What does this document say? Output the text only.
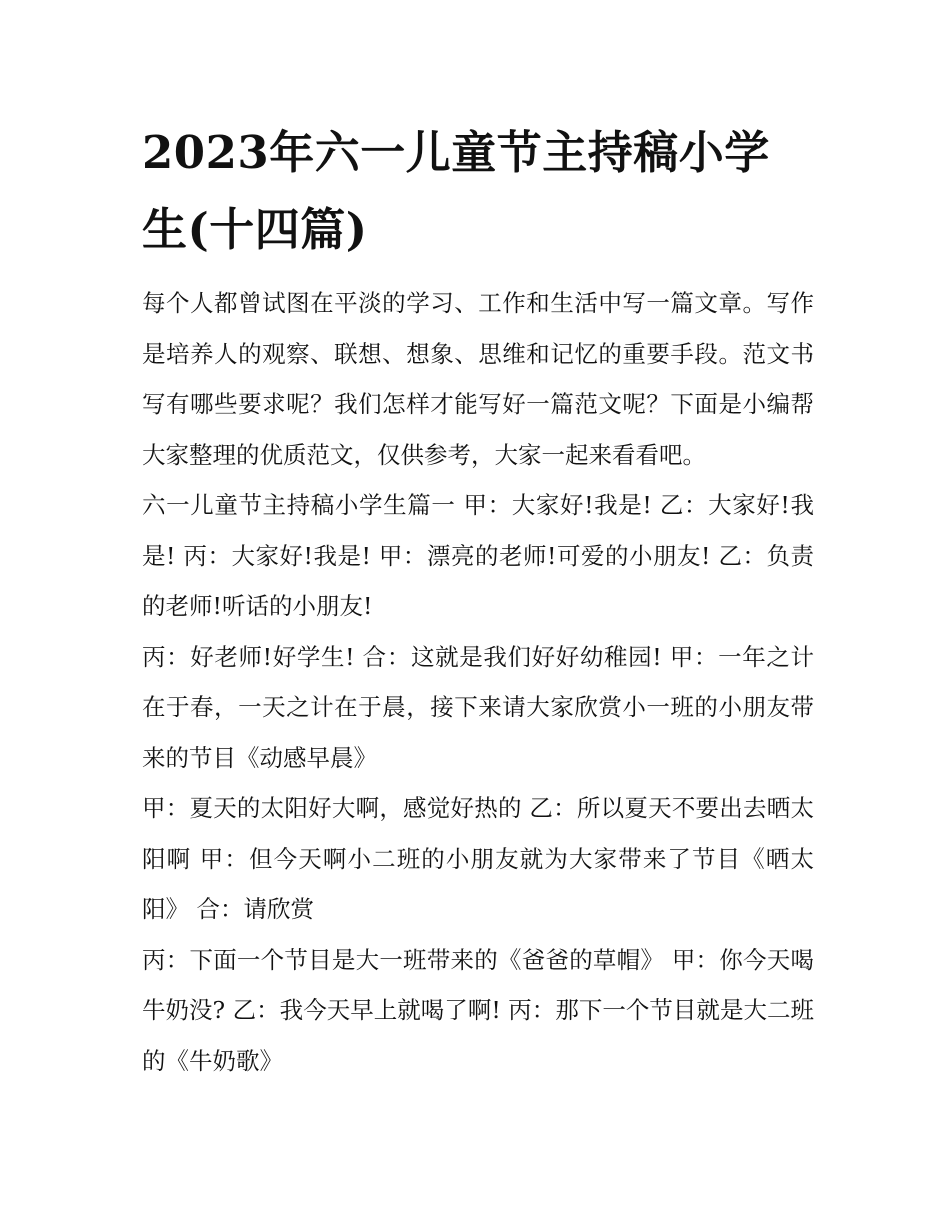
2023年六一儿童节主持稿小学生(十四篇)

每个人都曾试图在平淡的学习、工作和生活中写一篇文章。写作是培养人的观察、联想、想象、思维和记忆的重要手段。范文书写有哪些要求呢？我们怎样才能写好一篇范文呢？下面是小编帮大家整理的优质范文，仅供参考，大家一起来看看吧。

六一儿童节主持稿小学生篇一 甲：大家好!我是! 乙：大家好!我是! 丙：大家好!我是! 甲：漂亮的老师!可爱的小朋友! 乙：负责的老师!听话的小朋友!

丙：好老师!好学生! 合：这就是我们好好幼稚园! 甲：一年之计在于春，一天之计在于晨，接下来请大家欣赏小一班的小朋友带来的节目《动感早晨》

甲：夏天的太阳好大啊，感觉好热的 乙：所以夏天不要出去晒太阳啊 甲：但今天啊小二班的小朋友就为大家带来了节目《晒太阳》 合：请欣赏

丙：下面一个节目是大一班带来的《爸爸的草帽》 甲：你今天喝牛奶没? 乙：我今天早上就喝了啊! 丙：那下一个节目就是大二班的《牛奶歌》
